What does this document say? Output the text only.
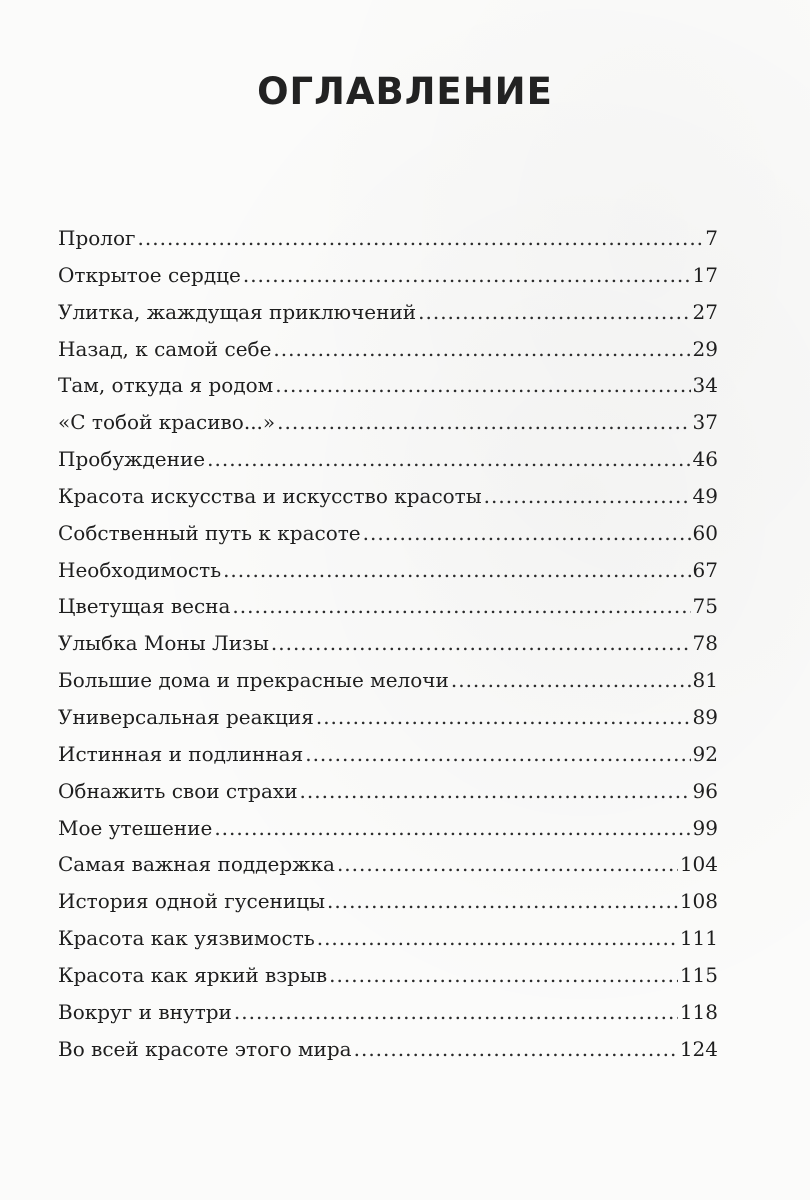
ОГЛАВЛЕНИЕ
Пролог .....	7
Открытое сердце .....	17
Улитка, жаждущая приключений .....	27
Назад, к самой себе .....	29
Там, откуда я родом .....	34
«С тобой красиво...» .....	37
Пробуждение .....	46
Красота искусства и искусство красоты .....	49
Собственный путь к красоте .....	60
Необходимость .....	67
Цветущая весна .....	75
Улыбка Моны Лизы .....	78
Большие дома и прекрасные мелочи .....	81
Универсальная реакция .....	89
Истинная и подлинная .....	92
Обнажить свои страхи .....	96
Мое утешение .....	99
Самая важная поддержка .....	104
История одной гусеницы .....	108
Красота как уязвимость .....	111
Красота как яркий взрыв .....	115
Вокруг и внутри .....	118
Во всей красоте этого мира .....	124
